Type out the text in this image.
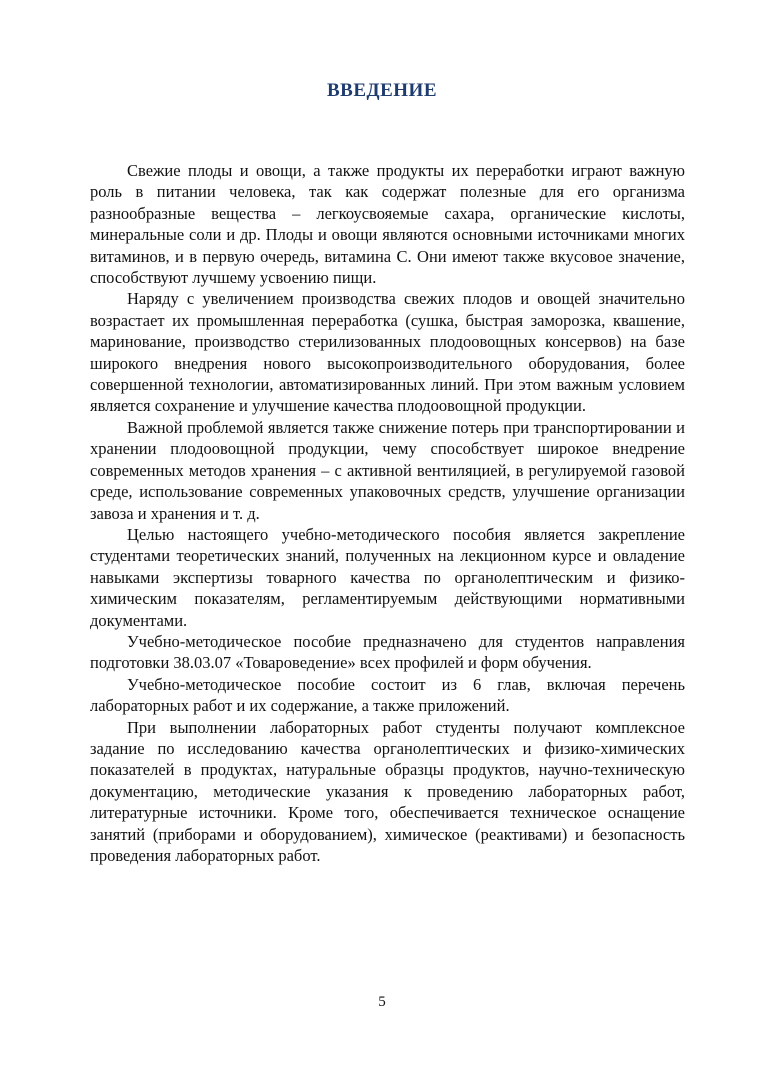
ВВЕДЕНИЕ

Свежие плоды и овощи, а также продукты их переработки играют важную роль в питании человека, так как содержат полезные для его организма разнообразные вещества – легкоусвояемые сахара, органические кислоты, минеральные соли и др. Плоды и овощи являются основными источниками многих витаминов, и в первую очередь, витамина С. Они имеют также вкусовое значение, способствуют лучшему усвоению пищи.

Наряду с увеличением производства свежих плодов и овощей значительно возрастает их промышленная переработка (сушка, быстрая заморозка, квашение, маринование, производство стерилизованных плодоовощных консервов) на базе широкого внедрения нового высокопроизводительного оборудования, более совершенной технологии, автоматизированных линий. При этом важным условием является сохранение и улучшение качества плодоовощной продукции.

Важной проблемой является также снижение потерь при транспортировании и хранении плодоовощной продукции, чему способствует широкое внедрение современных методов хранения – с активной вентиляцией, в регулируемой газовой среде, использование современных упаковочных средств, улучшение организации завоза и хранения и т. д.

Целью настоящего учебно-методического пособия является закрепление студентами теоретических знаний, полученных на лекционном курсе и овладение навыками экспертизы товарного качества по органолептическим и физико-химическим показателям, регламентируемым действующими нормативными документами.

Учебно-методическое пособие предназначено для студентов направления подготовки 38.03.07 «Товароведение» всех профилей и форм обучения.

Учебно-методическое пособие состоит из 6 глав, включая перечень лабораторных работ и их содержание, а также приложений.

При выполнении лабораторных работ студенты получают комплексное задание по исследованию качества органолептических и физико-химических показателей в продуктах, натуральные образцы продуктов, научно-техническую документацию, методические указания к проведению лабораторных работ, литературные источники. Кроме того, обеспечивается техническое оснащение занятий (приборами и оборудованием), химическое (реактивами) и безопасность проведения лабораторных работ.

5
